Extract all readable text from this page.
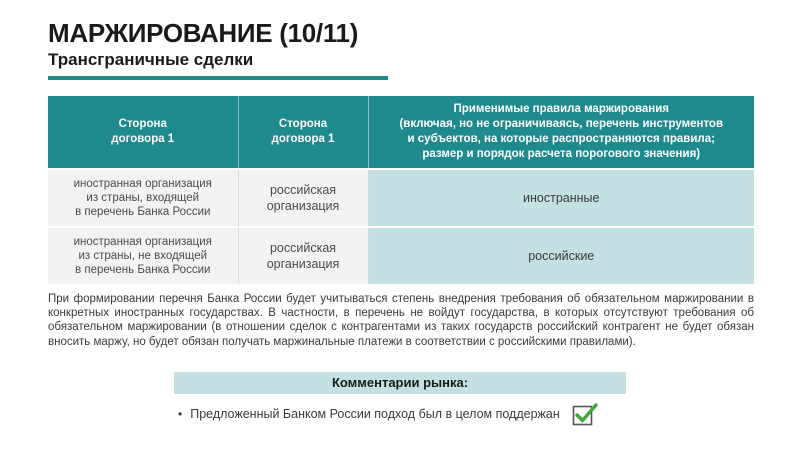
МАРЖИРОВАНИЕ (10/11)
Трансграничные сделки
Сторона
договора 1	Сторона
договора 1	Применимые правила маржирования
(включая, но не ограничиваясь, перечень инструментов
и субъектов, на которые распространяются правила;
размер и порядок расчета порогового значения)
иностранная организация
из страны, входящей
в перечень Банка России	российская
организация	иностранные
иностранная организация
из страны, не входящей
в перечень Банка России	российская
организация	российские
При формировании перечня Банка России будет учитываться степень внедрения требования об обязательном маржировании в конкретных иностранных государствах. В частности, в перечень не войдут государства, в которых отсутствуют требования об обязательном маржировании (в отношении сделок с контрагентами из таких государств российский контрагент не будет обязан вносить маржу, но будет обязан получать маржинальные платежи в соответствии с российскими правилами).
Комментарии рынка:
• Предложенный Банком России подход был в целом поддержан
